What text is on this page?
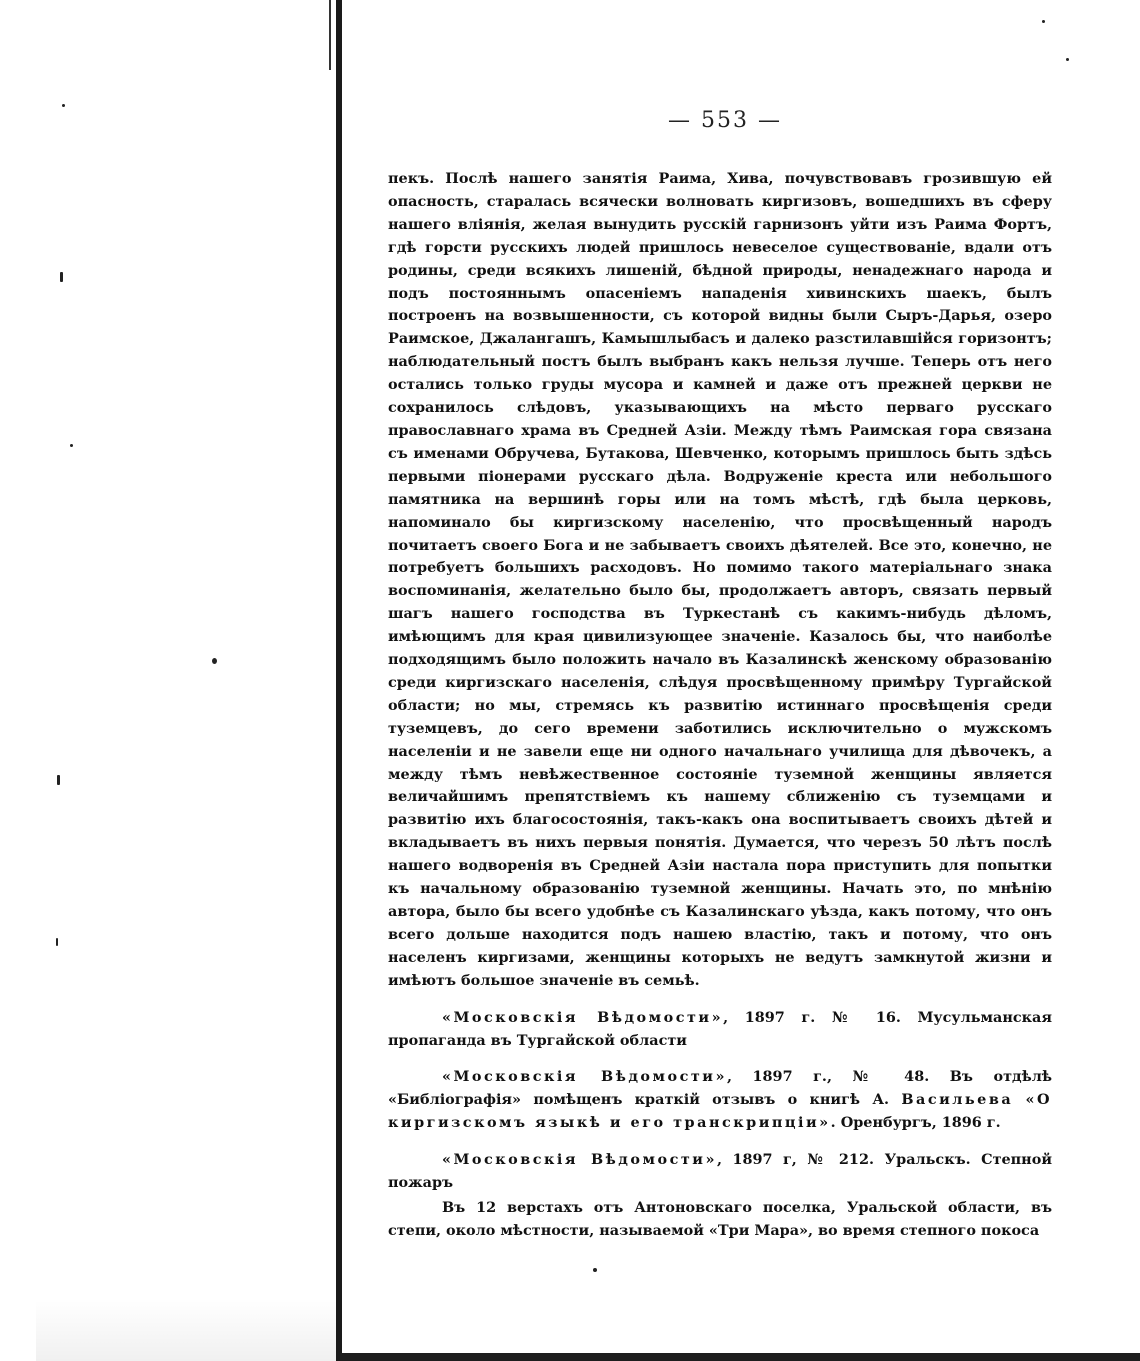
— 553 —

пекъ. Послѣ нашего занятія Раима, Хива, почувствовавъ грозившую ей опасность, старалась всячески волновать киргизовъ, вошедшихъ въ сферу нашего вліянія, желая вынудить русскій гарнизонъ уйти изъ Раима Фортъ, гдѣ горсти русскихъ людей пришлось невеселое существованіе, вдали отъ родины, среди всякихъ лишеній, бѣдной природы, ненадежнаго народа и подъ постояннымъ опасеніемъ нападенія хивинскихъ шаекъ, былъ построенъ на возвышенности, съ которой видны были Сыръ-Дарья, озеро Раимское, Джалангашъ, Камышлыбасъ и далеко разстилавшійся горизонтъ; наблюдательный постъ былъ выбранъ какъ нельзя лучше. Теперь отъ него остались только груды мусора и камней и даже отъ прежней церкви не сохранилось слѣдовъ, указывающихъ на мѣсто перваго русскаго православнаго храма въ Средней Азіи. Между тѣмъ Раимская гора связана съ именами Обручева, Бутакова, Шевченко, которымъ пришлось быть здѣсь первыми піонерами русскаго дѣла. Водруженіе креста или небольшого памятника на вершинѣ горы или на томъ мѣстѣ, гдѣ была церковь, напоминало бы киргизскому населенію, что просвѣщенный народъ почитаетъ своего Бога и не забываетъ своихъ дѣятелей. Все это, конечно, не потребуетъ большихъ расходовъ. Но помимо такого матеріальнаго знака воспоминанія, желательно было бы, продолжаетъ авторъ, связать первый шагъ нашего господства въ Туркестанѣ съ какимъ-нибудь дѣломъ, имѣющимъ для края цивилизующее значеніе. Казалось бы, что наиболѣе подходящимъ было положить начало въ Казалинскѣ женскому образованію среди киргизскаго населенія, слѣдуя просвѣщенному примѣру Тургайской области; но мы, стремясь къ развитію истиннаго просвѣщенія среди туземцевъ, до сего времени заботились исключительно о мужскомъ населеніи и не завели еще ни одного начальнаго училища для дѣвочекъ, а между тѣмъ невѣжественное состояніе туземной женщины является величайшимъ препятствіемъ къ нашему сближенію съ туземцами и развитію ихъ благосостоянія, такъ-какъ она воспитываетъ своихъ дѣтей и вкладываетъ въ нихъ первыя понятія. Думается, что черезъ 50 лѣтъ послѣ нашего водворенія въ Средней Азіи настала пора приступить для попытки къ начальному образованію туземной женщины. Начать это, по мнѣнію автора, было бы всего удобнѣе съ Казалинскаго уѣзда, какъ потому, что онъ всего дольше находится подъ нашею властію, такъ и потому, что онъ населенъ киргизами, женщины которыхъ не ведутъ замкнутой жизни и имѣютъ большое значеніе въ семьѣ.

«Московскія Вѣдомости», 1897 г. № 16. Мусульманская пропаганда въ Тургайской области

«Московскія Вѣдомости», 1897 г., № 48. Въ отдѣлѣ «Библіографія» помѣщенъ краткій отзывъ о книгѣ А. Васильева «О киргизскомъ языкѣ и его транскрипціи». Оренбургъ, 1896 г.

«Московскія Вѣдомости», 1897 г, № 212. Уральскъ. Степной пожаръ

Въ 12 верстахъ отъ Антоновскаго поселка, Уральской области, въ степи, около мѣстности, называемой «Три Мара», во время степного покоса
